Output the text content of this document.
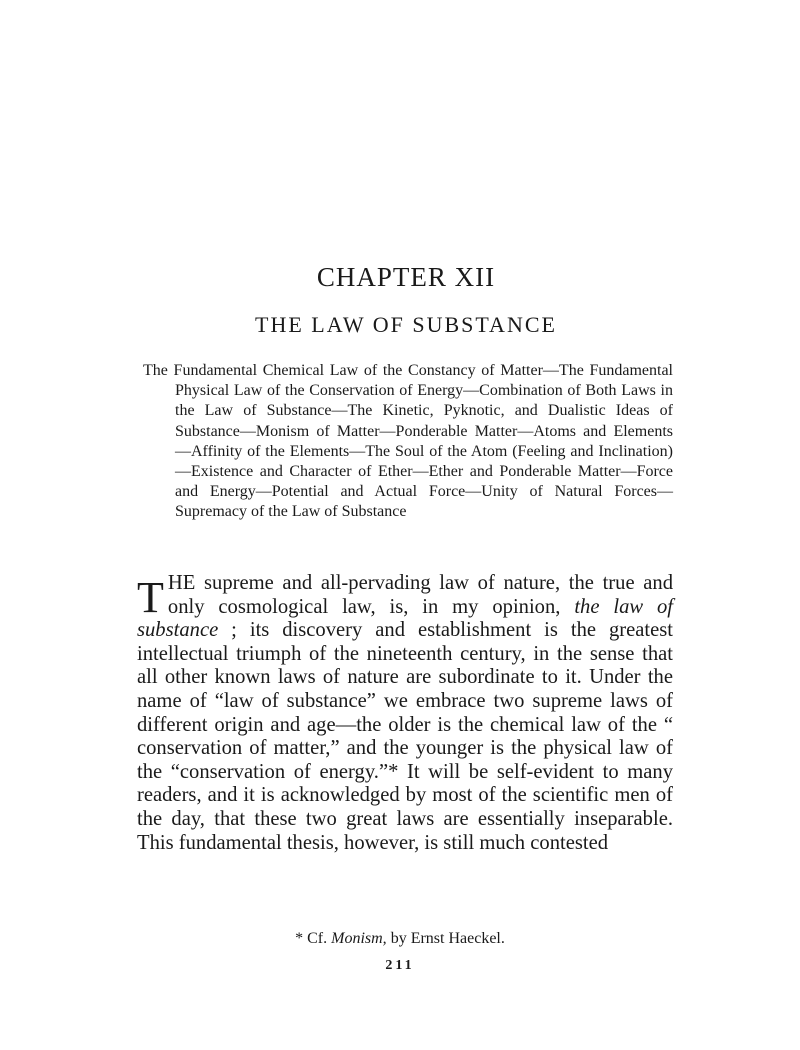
CHAPTER XII
THE LAW OF SUBSTANCE

The Fundamental Chemical Law of the Constancy of Matter—The Fundamental Physical Law of the Conservation of Energy—Combination of Both Laws in the Law of Substance—The Kinetic, Pyknotic, and Dualistic Ideas of Substance—Monism of Matter—Ponderable Matter—Atoms and Elements—Affinity of the Elements—The Soul of the Atom (Feeling and Inclination)—Existence and Character of Ether—Ether and Ponderable Matter—Force and Energy—Potential and Actual Force—Unity of Natural Forces—Supremacy of the Law of Substance

THE supreme and all-pervading law of nature, the true and only cosmological law, is, in my opinion, the law of substance ; its discovery and establishment is the greatest intellectual triumph of the nineteenth century, in the sense that all other known laws of nature are subordinate to it. Under the name of “law of substance” we embrace two supreme laws of different origin and age—the older is the chemical law of the “ conservation of matter,” and the younger is the physical law of the “conservation of energy.”* It will be self-evident to many readers, and it is acknowledged by most of the scientific men of the day, that these two great laws are essentially inseparable. This fundamental thesis, however, is still much contested

* Cf. Monism, by Ernst Haeckel.

211
